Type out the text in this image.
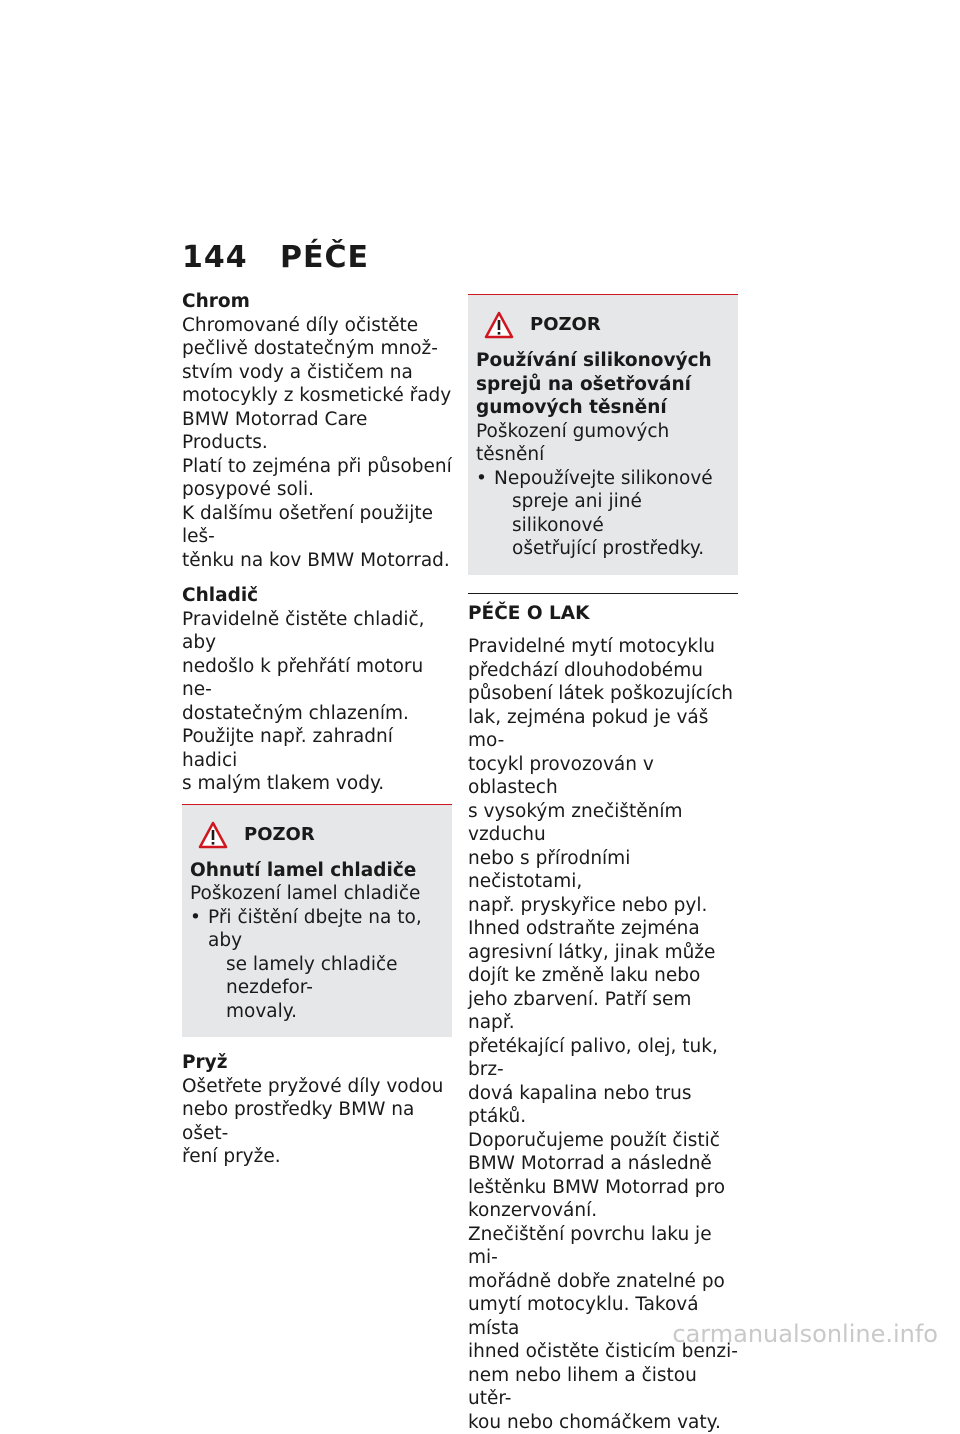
144 PÉČE
Chrom
Chromované díly očistěte
pečlivě dostatečným množ-
stvím vody a čističem na
motocykly z kosmetické řady
BMW Motorrad Care Products.
Platí to zejména při působení
posypové soli.
K dalšímu ošetření použijte leš-
těnku na kov BMW Motorrad.
Chladič
Pravidelně čistěte chladič, aby
nedošlo k přehřátí motoru ne-
dostatečným chlazením.
Použijte např. zahradní hadici
s malým tlakem vody.
POZOR
Ohnutí lamel chladiče
Poškození lamel chladiče
• Při čištění dbejte na to, aby
se lamely chladiče nezdefor-
movaly.
Pryž
Ošetřete pryžové díly vodou
nebo prostředky BMW na ošet-
ření pryže.
POZOR
Používání silikonových
sprejů na ošetřování
gumových těsnění
Poškození gumových těsnění
• Nepoužívejte silikonové
spreje ani jiné silikonové
ošetřující prostředky.
PÉČE O LAK
Pravidelné mytí motocyklu
předchází dlouhodobému
působení látek poškozujících
lak, zejména pokud je váš mo-
tocykl provozován v oblastech
s vysokým znečištěním vzduchu
nebo s přírodními nečistotami,
např. pryskyřice nebo pyl.
Ihned odstraňte zejména
agresivní látky, jinak může
dojít ke změně laku nebo
jeho zbarvení. Patří sem např.
přetékající palivo, olej, tuk, brz-
dová kapalina nebo trus ptáků.
Doporučujeme použít čistič
BMW Motorrad a následně
leštěnku BMW Motorrad pro
konzervování.
Znečištění povrchu laku je mi-
mořádně dobře znatelné po
umytí motocyklu. Taková místa
ihned očistěte čisticím benzi-
nem nebo lihem a čistou utěr-
kou nebo chomáčkem vaty.
carmanualsonline.info
